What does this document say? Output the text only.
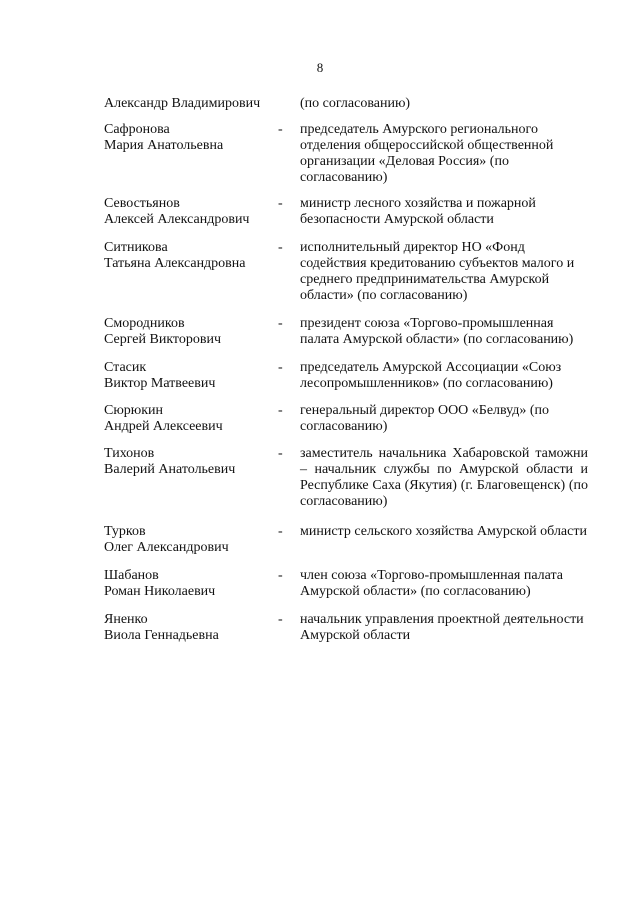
8
Александр Владимирович	(по согласованию)
Сафронова
Мария Анатольевна
-	председатель Амурского регионального отделения общероссийской общественной организации «Деловая Россия» (по согласованию)
Севостьянов
Алексей Александрович
-	министр лесного хозяйства и пожарной безопасности Амурской области
Ситникова
Татьяна Александровна
-	исполнительный директор НО «Фонд содействия кредитованию субъектов малого и среднего предпринимательства Амурской области» (по согласованию)
Смородников
Сергей Викторович
-	президент союза «Торгово-промышленная палата Амурской области» (по согласованию)
Стасик
Виктор Матвеевич
-	председатель Амурской Ассоциации «Союз лесопромышленников» (по согласованию)
Сюрюкин
Андрей Алексеевич
-	генеральный директор ООО «Белвуд» (по согласованию)
Тихонов
Валерий Анатольевич
-	заместитель начальника Хабаровской таможни – начальник службы по Амурской области и Республике Саха (Якутия) (г. Благовещенск) (по согласованию)
Турков
Олег Александрович
-	министр сельского хозяйства Амурской области
Шабанов
Роман Николаевич
-	член союза «Торгово-промышленная палата Амурской области» (по согласованию)
Яненко
Виола Геннадьевна
-	начальник управления проектной деятельности Амурской области
